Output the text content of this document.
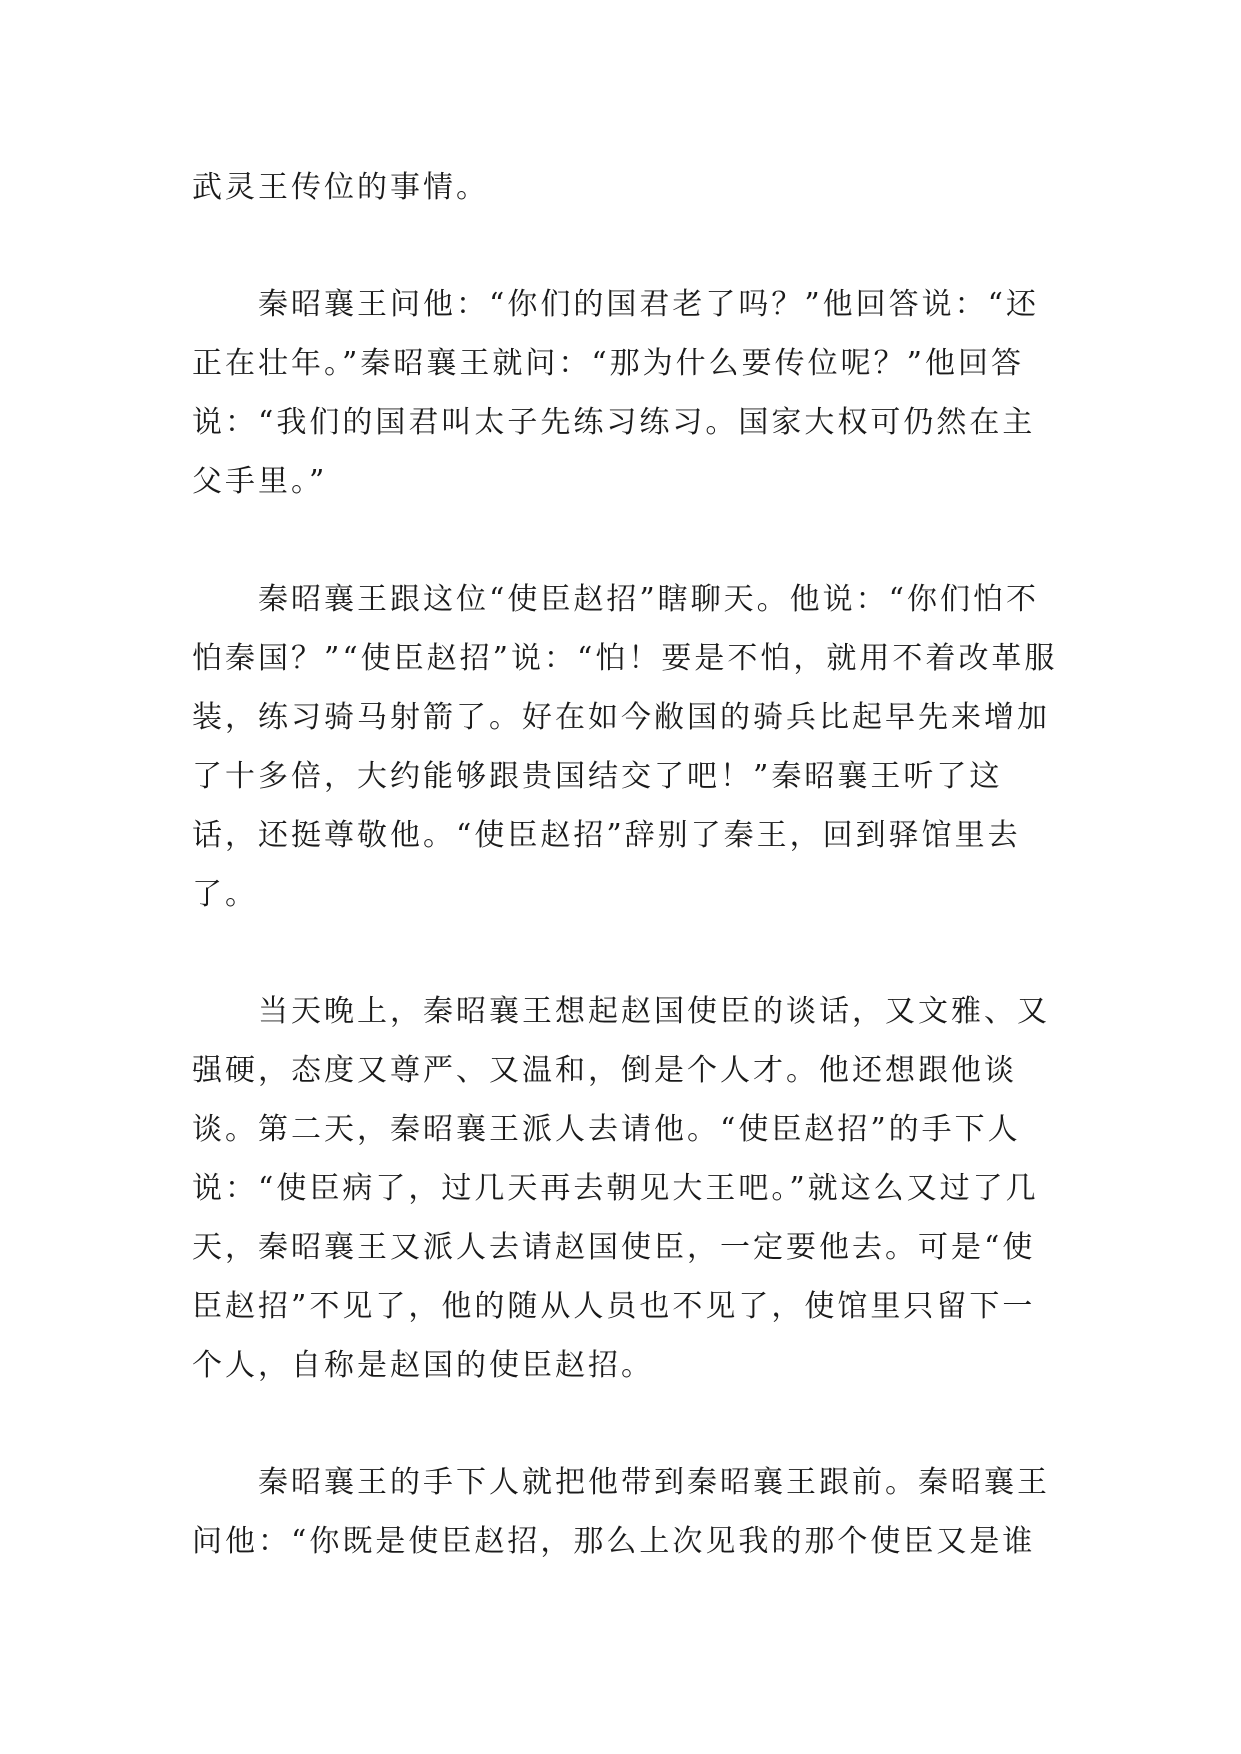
武灵王传位的事情。

秦昭襄王问他：“你们的国君老了吗？”他回答说：“还正在壮年。”秦昭襄王就问：“那为什么要传位呢？”他回答说：“我们的国君叫太子先练习练习。国家大权可仍然在主父手里。”

秦昭襄王跟这位“使臣赵招”瞎聊天。他说：“你们怕不怕秦国？”“使臣赵招”说：“怕！要是不怕，就用不着改革服装，练习骑马射箭了。好在如今敝国的骑兵比起早先来增加了十多倍，大约能够跟贵国结交了吧！”秦昭襄王听了这话，还挺尊敬他。“使臣赵招”辞别了秦王，回到驿馆里去了。

当天晚上，秦昭襄王想起赵国使臣的谈话，又文雅、又强硬，态度又尊严、又温和，倒是个人才。他还想跟他谈谈。第二天，秦昭襄王派人去请他。“使臣赵招”的手下人说：“使臣病了，过几天再去朝见大王吧。”就这么又过了几天，秦昭襄王又派人去请赵国使臣，一定要他去。可是“使臣赵招”不见了，他的随从人员也不见了，使馆里只留下一个人，自称是赵国的使臣赵招。

秦昭襄王的手下人就把他带到秦昭襄王跟前。秦昭襄王问他：“你既是使臣赵招，那么上次见我的那个使臣又是谁
